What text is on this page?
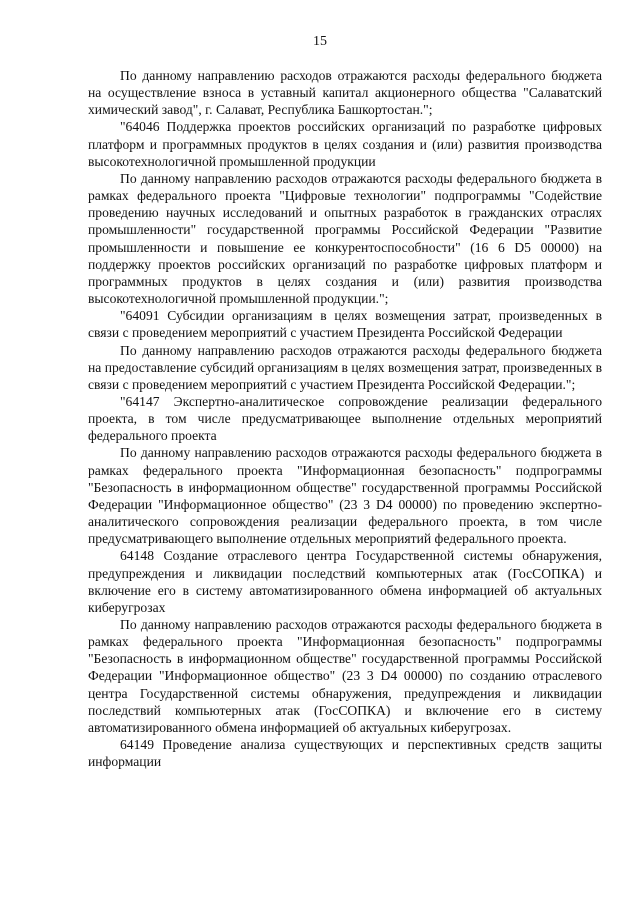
15

По данному направлению расходов отражаются расходы федерального бюджета на осуществление взноса в уставный капитал акционерного общества "Салаватский химический завод", г. Салават, Республика Башкортостан.";

"64046 Поддержка проектов российских организаций по разработке цифровых платформ и программных продуктов в целях создания и (или) развития производства высокотехнологичной промышленной продукции

По данному направлению расходов отражаются расходы федерального бюджета в рамках федерального проекта "Цифровые технологии" подпрограммы "Содействие проведению научных исследований и опытных разработок в гражданских отраслях промышленности" государственной программы Российской Федерации "Развитие промышленности и повышение ее конкурентоспособности" (16 6 D5 00000) на поддержку проектов российских организаций по разработке цифровых платформ и программных продуктов в целях создания и (или) развития производства высокотехнологичной промышленной продукции.";

"64091 Субсидии организациям в целях возмещения затрат, произведенных в связи с проведением мероприятий с участием Президента Российской Федерации

По данному направлению расходов отражаются расходы федерального бюджета на предоставление субсидий организациям в целях возмещения затрат, произведенных в связи с проведением мероприятий с участием Президента Российской Федерации.";

"64147 Экспертно-аналитическое сопровождение реализации федерального проекта, в том числе предусматривающее выполнение отдельных мероприятий федерального проекта

По данному направлению расходов отражаются расходы федерального бюджета в рамках федерального проекта "Информационная безопасность" подпрограммы "Безопасность в информационном обществе" государственной программы Российской Федерации "Информационное общество" (23 3 D4 00000) по проведению экспертно-аналитического сопровождения реализации федерального проекта, в том числе предусматривающего выполнение отдельных мероприятий федерального проекта.

64148 Создание отраслевого центра Государственной системы обнаружения, предупреждения и ликвидации последствий компьютерных атак (ГосСОПКА) и включение его в систему автоматизированного обмена информацией об актуальных киберугрозах

По данному направлению расходов отражаются расходы федерального бюджета в рамках федерального проекта "Информационная безопасность" подпрограммы "Безопасность в информационном обществе" государственной программы Российской Федерации "Информационное общество" (23 3 D4 00000) по созданию отраслевого центра Государственной системы обнаружения, предупреждения и ликвидации последствий компьютерных атак (ГосСОПКА) и включение его в систему автоматизированного обмена информацией об актуальных киберугрозах.

64149 Проведение анализа существующих и перспективных средств защиты информации
